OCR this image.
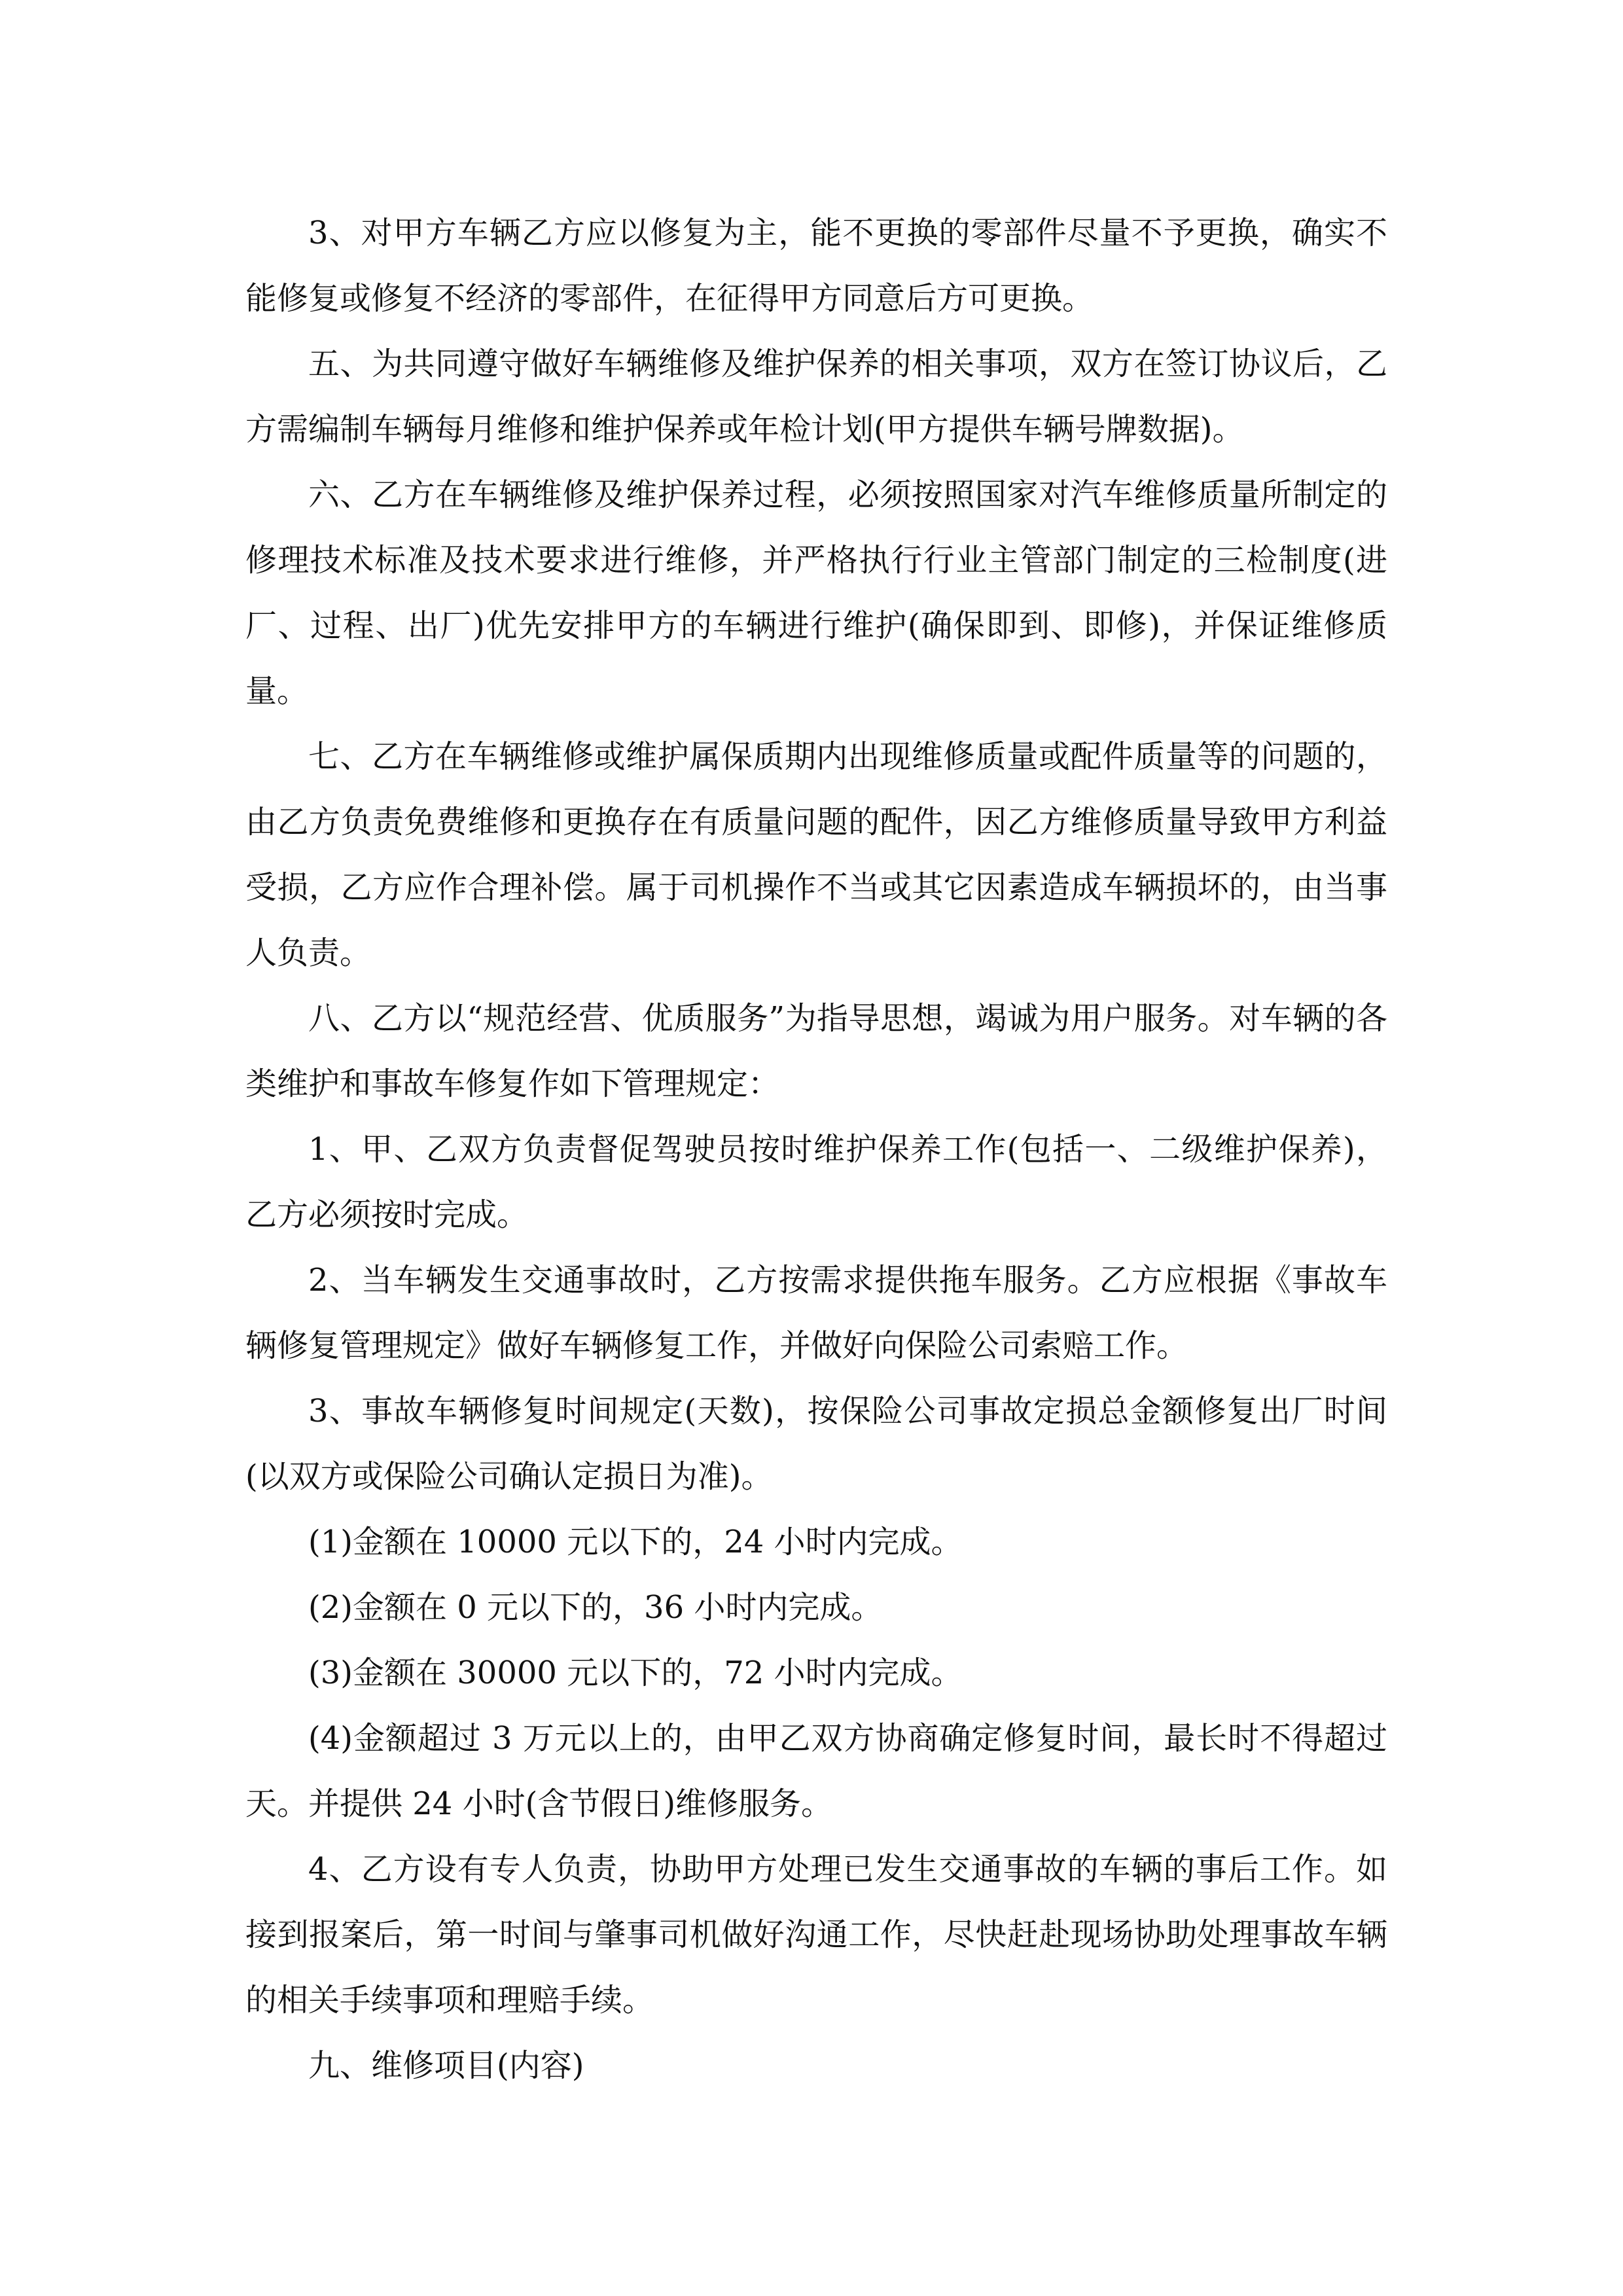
3、对甲方车辆乙方应以修复为主，能不更换的零部件尽量不予更换，确实不能修复或修复不经济的零部件，在征得甲方同意后方可更换。

五、为共同遵守做好车辆维修及维护保养的相关事项，双方在签订协议后，乙方需编制车辆每月维修和维护保养或年检计划(甲方提供车辆号牌数据)。

六、乙方在车辆维修及维护保养过程，必须按照国家对汽车维修质量所制定的修理技术标准及技术要求进行维修，并严格执行行业主管部门制定的三检制度(进厂、过程、出厂)优先安排甲方的车辆进行维护(确保即到、即修)，并保证维修质量。

七、乙方在车辆维修或维护属保质期内出现维修质量或配件质量等的问题的，由乙方负责免费维修和更换存在有质量问题的配件，因乙方维修质量导致甲方利益受损，乙方应作合理补偿。属于司机操作不当或其它因素造成车辆损坏的，由当事人负责。

八、乙方以“规范经营、优质服务”为指导思想，竭诚为用户服务。对车辆的各类维护和事故车修复作如下管理规定：

1、甲、乙双方负责督促驾驶员按时维护保养工作(包括一、二级维护保养)，乙方必须按时完成。

2、当车辆发生交通事故时，乙方按需求提供拖车服务。乙方应根据《事故车辆修复管理规定》做好车辆修复工作，并做好向保险公司索赔工作。

3、事故车辆修复时间规定(天数)，按保险公司事故定损总金额修复出厂时间(以双方或保险公司确认定损日为准)。

(1)金额在 10000 元以下的，24 小时内完成。

(2)金额在 0 元以下的，36 小时内完成。

(3)金额在 30000 元以下的，72 小时内完成。

(4)金额超过 3 万元以上的，由甲乙双方协商确定修复时间，最长时不得超过天。并提供 24 小时(含节假日)维修服务。

4、乙方设有专人负责，协助甲方处理已发生交通事故的车辆的事后工作。如接到报案后，第一时间与肇事司机做好沟通工作，尽快赶赴现场协助处理事故车辆的相关手续事项和理赔手续。

九、维修项目(内容)
